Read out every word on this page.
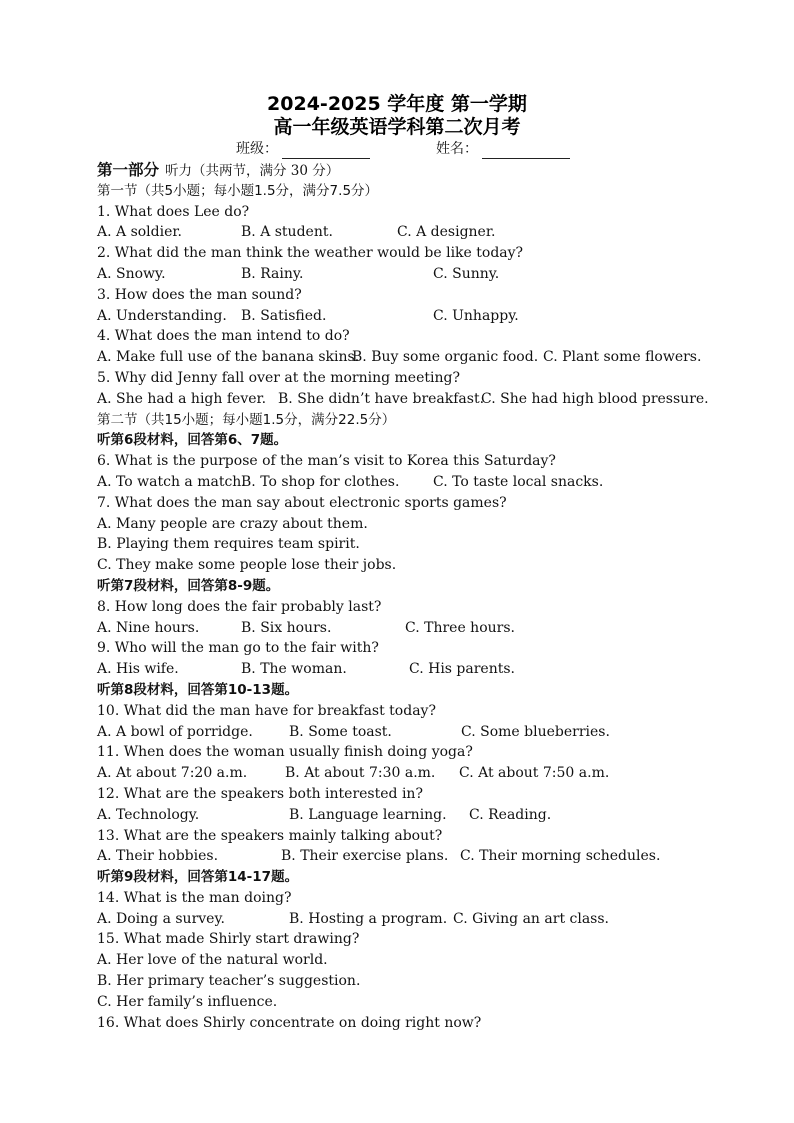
2024-2025 学年度 第一学期
高一年级英语学科第二次月考
班级：	姓名：
第一部分 听力（共两节，满分 30 分）
第一节（共5小题；每小题1.5分，满分7.5分）
1. What does Lee do?
A. A soldier.	B. A student.	C. A designer.
2. What did the man think the weather would be like today?
A. Snowy.	B. Rainy.	C. Sunny.
3. How does the man sound?
A. Understanding. B. Satisfied.	C. Unhappy.
4. What does the man intend to do?
A. Make full use of the banana skins.
B. Buy some organic food. C. Plant some flowers.
5. Why did Jenny fall over at the morning meeting?
A. She had a high fever. B. She didn’t have breakfast.
C. She had high blood pressure.
第二节（共15小题；每小题1.5分，满分22.5分）
听第6段材料，回答第6、7题。
6. What is the purpose of the man’s visit to Korea this Saturday?
A. To watch a match.
B. To shop for clothes. C. To taste local snacks.
7. What does the man say about electronic sports games?
A. Many people are crazy about them.
B. Playing them requires team spirit.
C. They make some people lose their jobs.
听第7段材料，回答第8-9题。
8. How long does the fair probably last?
A. Nine hours.	B. Six hours.	C. Three hours.
9. Who will the man go to the fair with?
A. His wife.	B. The woman.	C. His parents.
听第8段材料，回答第10-13题。
10. What did the man have for breakfast today?
A. A bowl of porridge.	B. Some toast.	C. Some blueberries.
11. When does the woman usually finish doing yoga?
A. At about 7:20 a.m.	B. At about 7:30 a.m. C. At about 7:50 a.m.
12. What are the speakers both interested in?
A. Technology.	B. Language learning. C. Reading.
13. What are the speakers mainly talking about?
A. Their hobbies.	B. Their exercise plans. C. Their morning schedules.
听第9段材料，回答第14-17题。
14. What is the man doing?
A. Doing a survey.	B. Hosting a program. C. Giving an art class.
15. What made Shirly start drawing?
A. Her love of the natural world.
B. Her primary teacher’s suggestion.
C. Her family’s influence.
16. What does Shirly concentrate on doing right now?
